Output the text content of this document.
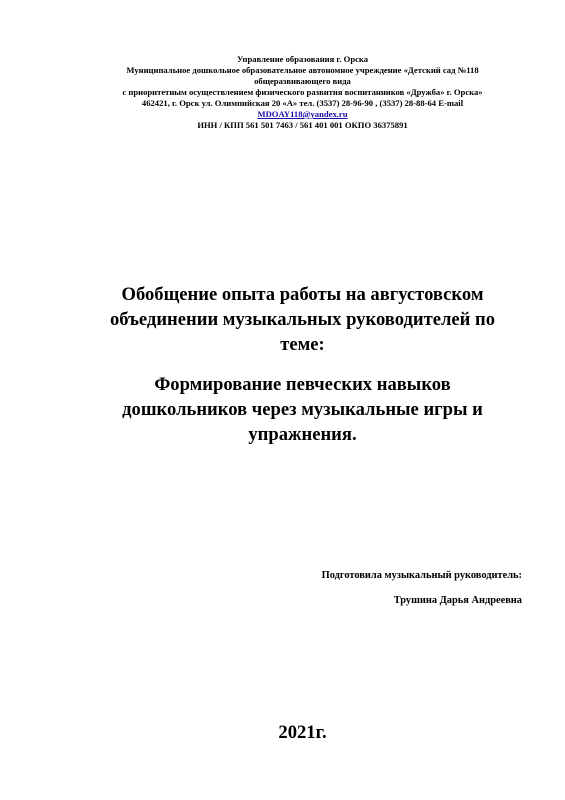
Управление образования г. Орска
Муниципальное дошкольное образовательное автономное учреждение «Детский сад №118
общеразвивающего вида
с приоритетным осуществлением физического развития воспитанников «Дружба» г. Орска»
462421, г. Орск ул. Олимпийская 20 «А» тел. (3537) 28-96-90 , (3537) 28-88-64 E-mail
MDOAY118@yandex.ru
ИНН / КПП 561 501 7463 / 561 401 001 ОКПО 36375891
Обобщение опыта работы на августовском
объединении музыкальных руководителей по
теме:
Формирование певческих навыков
дошкольников через музыкальные игры и
упражнения.
Подготовила музыкальный руководитель:
Трушина Дарья Андреевна
2021г.
